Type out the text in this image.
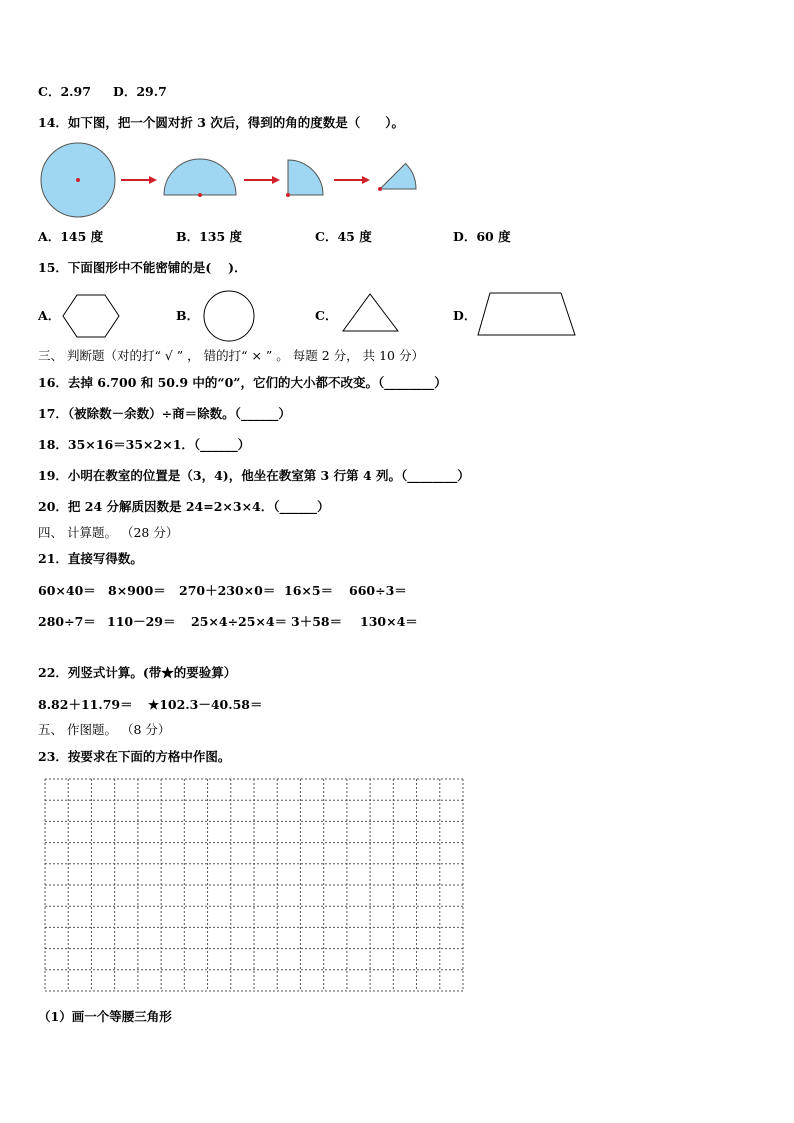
C．2.97 D．29.7
14．如下图，把一个圆对折 3 次后，得到的角的度数是（　　）。
A．145 度	B．135 度	C．45 度	D．60 度
15．下面图形中不能密铺的是(　 )．
A．	B．	C．	D．
三、 判断题（对的打“ √ ” ， 错的打“ × ” 。 每题 2 分， 共 10 分）
16．去掉 6.700 和 50.9 中的“0”，它们的大小都不改变。（________）
17．（被除数－余数）÷商＝除数。（______）
18．35×16＝35×2×1．（______）
19．小明在教室的位置是（3，4)，他坐在教室第 3 行第 4 列。（________）
20．把 24 分解质因数是 24=2×3×4．（______）
四、 计算题。 （28 分）
21．直接写得数。
60×40＝ 8×900＝ 270＋230×0＝ 16×5＝ 660÷3＝
280÷7＝ 110－29＝ 25×4÷25×4＝ 3＋58＝ 130×4＝
22．列竖式计算。(带★的要验算）
8.82＋11.79＝ ★102.3－40.58＝
五、 作图题。 （8 分）
23．按要求在下面的方格中作图。
（1）画一个等腰三角形
